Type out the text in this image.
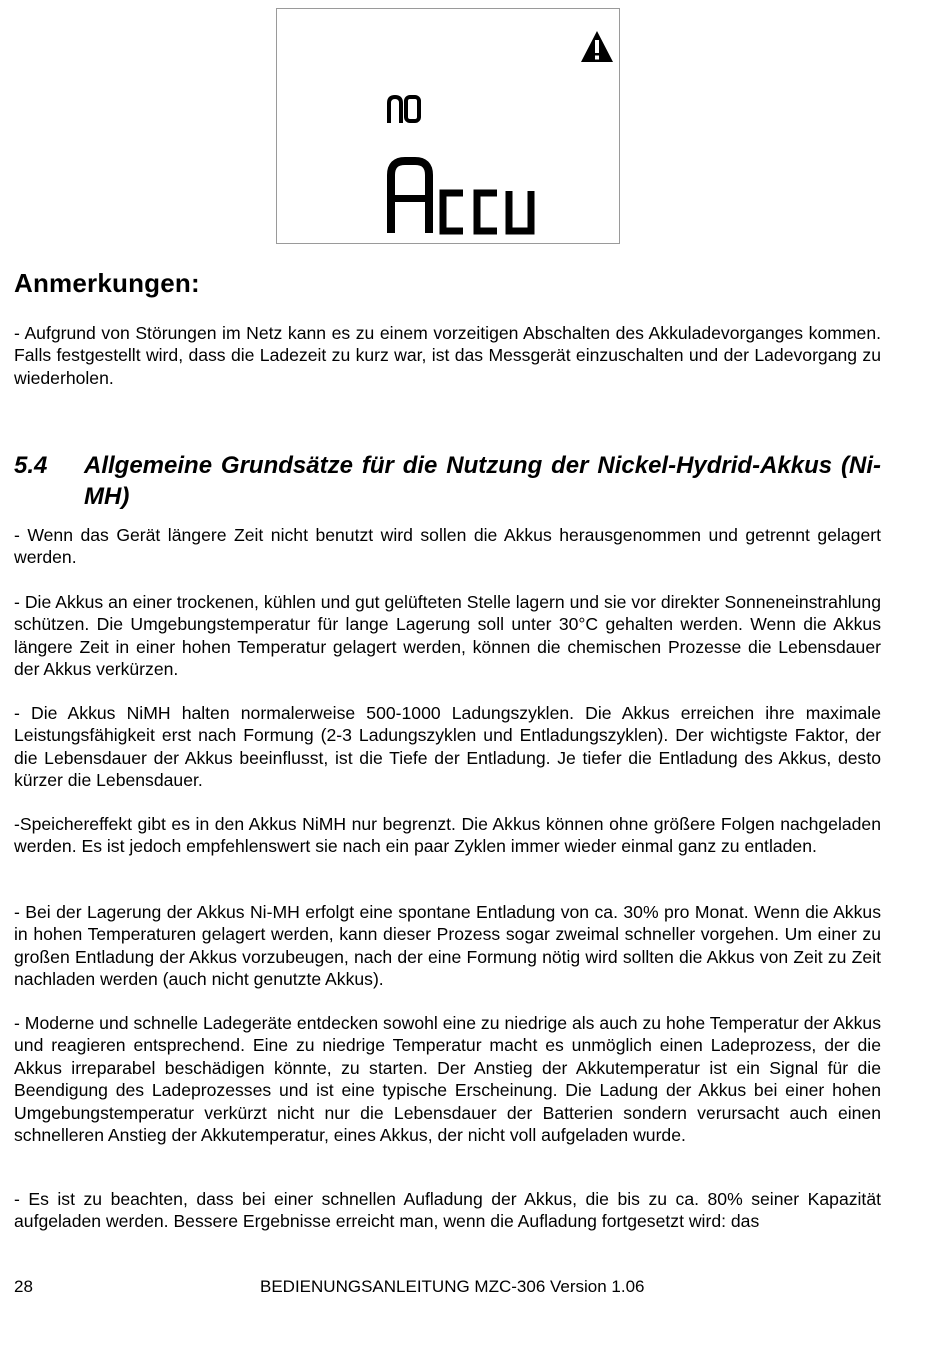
Anmerkungen:

- Aufgrund von Störungen im Netz kann es zu einem vorzeitigen Abschalten des Akkuladevorganges kommen. Falls festgestellt wird, dass die Ladezeit zu kurz war, ist das Messgerät einzuschalten und der Ladevorgang zu wiederholen.

5.4 Allgemeine Grundsätze für die Nutzung der Nickel-Hydrid-Akkus (Ni-MH)

- Wenn das Gerät längere Zeit nicht benutzt wird sollen die Akkus herausgenommen und getrennt gelagert werden.

- Die Akkus an einer trockenen, kühlen und gut gelüfteten Stelle lagern und sie vor direkter Sonneneinstrahlung schützen. Die Umgebungstemperatur für lange Lagerung soll unter 30°C gehalten werden. Wenn die Akkus längere Zeit in einer hohen Temperatur gelagert werden, können die chemischen Prozesse die Lebensdauer der Akkus verkürzen.

- Die Akkus NiMH halten normalerweise 500-1000 Ladungszyklen. Die Akkus erreichen ihre maximale Leistungsfähigkeit erst nach Formung (2-3 Ladungszyklen und Entladungszyklen). Der wichtigste Faktor, der die Lebensdauer der Akkus beeinflusst, ist die Tiefe der Entladung. Je tiefer die Entladung des Akkus, desto kürzer die Lebensdauer.

-Speichereffekt gibt es in den Akkus NiMH nur begrenzt. Die Akkus können ohne größere Folgen nachgeladen werden. Es ist jedoch empfehlenswert sie nach ein paar Zyklen immer wieder einmal ganz zu entladen.

- Bei der Lagerung der Akkus Ni-MH erfolgt eine spontane Entladung von ca. 30% pro Monat. Wenn die Akkus in hohen Temperaturen gelagert werden, kann dieser Prozess sogar zweimal schneller vorgehen. Um einer zu großen Entladung der Akkus vorzubeugen, nach der eine Formung nötig wird sollten die Akkus von Zeit zu Zeit nachladen werden (auch nicht genutzte Akkus).

- Moderne und schnelle Ladegeräte entdecken sowohl eine zu niedrige als auch zu hohe Temperatur der Akkus und reagieren entsprechend. Eine zu niedrige Temperatur macht es unmöglich einen Ladeprozess, der die Akkus irreparabel beschädigen könnte, zu starten. Der Anstieg der Akkutemperatur ist ein Signal für die Beendigung des Ladeprozesses und ist eine typische Erscheinung. Die Ladung der Akkus bei einer hohen Umgebungstemperatur verkürzt nicht nur die Lebensdauer der Batterien sondern verursacht auch einen schnelleren Anstieg der Akkutemperatur, eines Akkus, der nicht voll aufgeladen wurde.

- Es ist zu beachten, dass bei einer schnellen Aufladung der Akkus, die bis zu ca. 80% seiner Kapazität aufgeladen werden. Bessere Ergebnisse erreicht man, wenn die Aufladung fortgesetzt wird: das

28	BEDIENUNGSANLEITUNG MZC-306 Version 1.06
